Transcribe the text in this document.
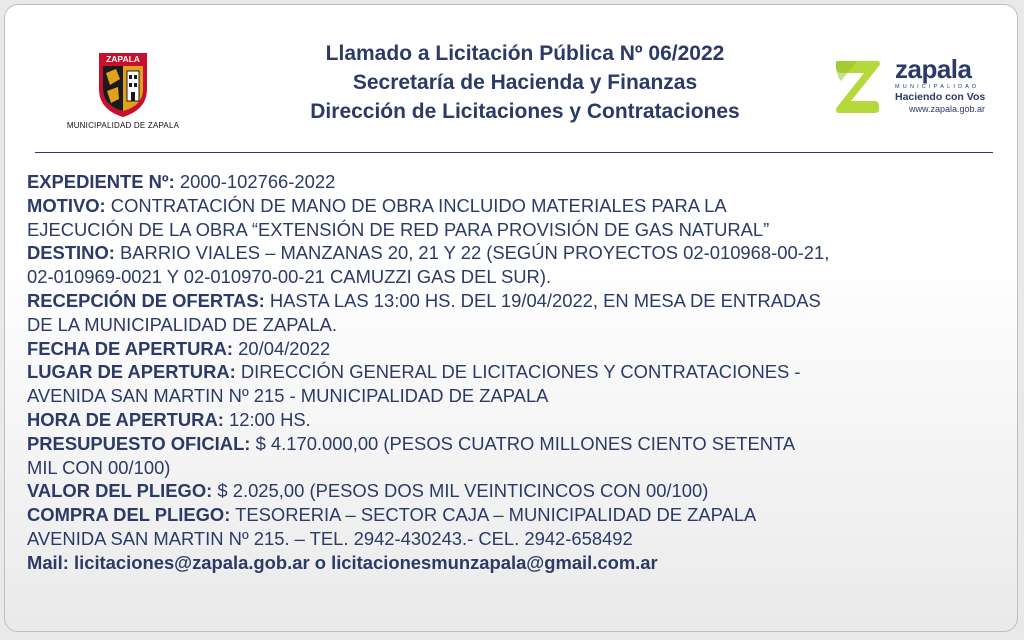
ZAPALA
MUNICIPALIDAD DE ZAPALA
Llamado a Licitación Pública Nº 06/2022
Secretaría de Hacienda y Finanzas
Dirección de Licitaciones y Contrataciones
zapala
MUNICIPALIDAD
Haciendo con Vos
www.zapala.gob.ar
EXPEDIENTE Nº: 2000-102766-2022
MOTIVO: CONTRATACIÓN DE MANO DE OBRA INCLUIDO MATERIALES PARA LA
EJECUCIÓN DE LA OBRA “EXTENSIÓN DE RED PARA PROVISIÓN DE GAS NATURAL”
DESTINO: BARRIO VIALES – MANZANAS 20, 21 Y 22 (SEGÚN PROYECTOS 02-010968-00-21,
02-010969-0021 Y 02-010970-00-21 CAMUZZI GAS DEL SUR).
RECEPCIÓN DE OFERTAS: HASTA LAS 13:00 HS. DEL 19/04/2022, EN MESA DE ENTRADAS
DE LA MUNICIPALIDAD DE ZAPALA.
FECHA DE APERTURA: 20/04/2022
LUGAR DE APERTURA: DIRECCIÓN GENERAL DE LICITACIONES Y CONTRATACIONES -
AVENIDA SAN MARTIN Nº 215 - MUNICIPALIDAD DE ZAPALA
HORA DE APERTURA: 12:00 HS.
PRESUPUESTO OFICIAL: $ 4.170.000,00 (PESOS CUATRO MILLONES CIENTO SETENTA
MIL CON 00/100)
VALOR DEL PLIEGO: $ 2.025,00 (PESOS DOS MIL VEINTICINCOS CON 00/100)
COMPRA DEL PLIEGO: TESORERIA – SECTOR CAJA – MUNICIPALIDAD DE ZAPALA
AVENIDA SAN MARTIN Nº 215. – TEL. 2942-430243.- CEL. 2942-658492
Mail: licitaciones@zapala.gob.ar o licitacionesmunzapala@gmail.com.ar
